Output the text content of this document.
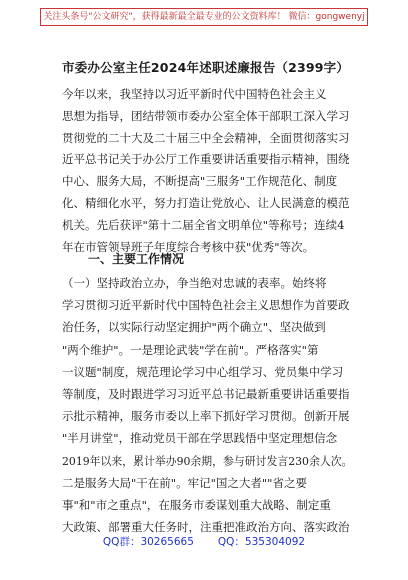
关注头条号"公文研究"，获得最新最全最专业的公文资料库！ 微信：gongwenyj
市委办公室主任2024年述职述廉报告（2399字）
今年以来，我坚持以习近平新时代中国特色社会主义
思想为指导，团结带领市委办公室全体干部职工深入学习
贯彻党的二十大及二十届三中全会精神，全面贯彻落实习
近平总书记关于办公厅工作重要讲话重要指示精神，围绕
中心、服务大局，不断提高"三服务"工作规范化、制度
化、精细化水平，努力打造让党放心、让人民满意的模范
机关。先后获评"第十二届全省文明单位"等称号；连续4
年在市管领导班子年度综合考核中获"优秀"等次。
一、主要工作情况
（一）坚持政治立办，争当绝对忠诚的表率。始终将
学习贯彻习近平新时代中国特色社会主义思想作为首要政
治任务，以实际行动坚定拥护"两个确立"、坚决做到
"两个维护"。一是理论武装"学在前"。严格落实"第
一议题"制度，规范理论学习中心组学习、党员集中学习
等制度，及时跟进学习习近平总书记最新重要讲话重要指
示批示精神，服务市委以上率下抓好学习贯彻。创新开展
"半月讲堂"，推动党员干部在学思践悟中坚定理想信念
2019年以来，累计举办90余期，参与研讨发言230余人次。
二是服务大局"干在前"。牢记"国之大者""省之要
事"和"市之重点"，在服务市委谋划重大战略、制定重
大政策、部署重大任务时，注重把准政治方向、落实政治
QQ群：30265665 QQ：535304092
